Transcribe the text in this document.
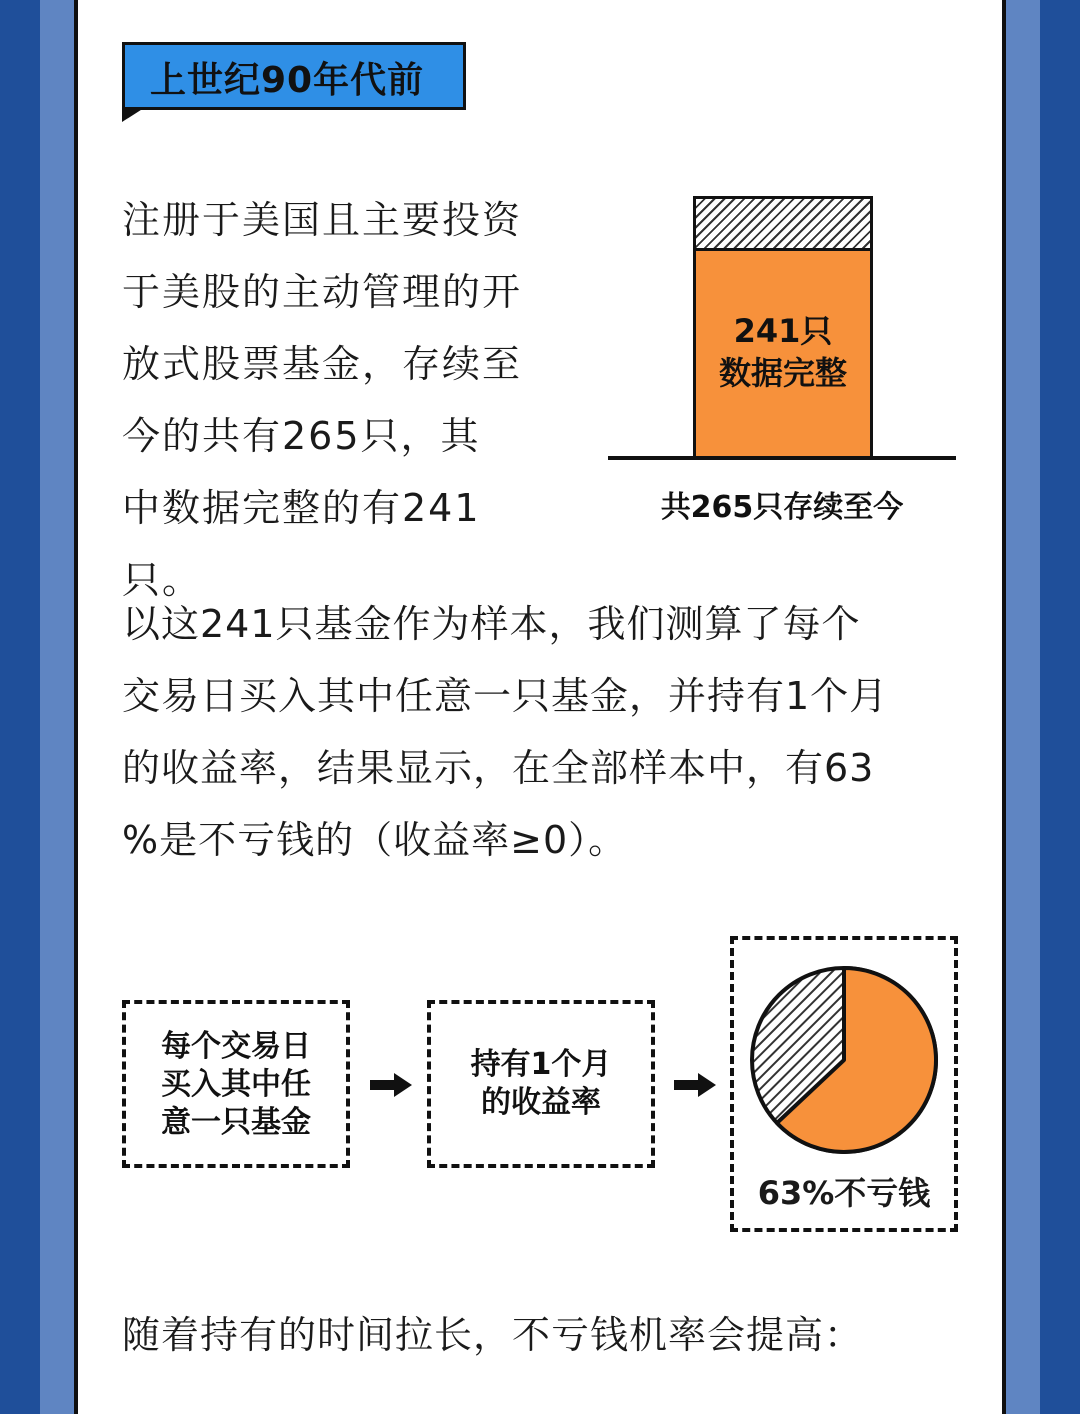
上世纪90年代前

注册于美国且主要投资
于美股的主动管理的开
放式股票基金，存续至
今的共有265只，其
中数据完整的有241
只。

241只
数据完整
共265只存续至今

以这241只基金作为样本，我们测算了每个
交易日买入其中任意一只基金，并持有1个月
的收益率，结果显示，在全部样本中，有63
%是不亏钱的（收益率≥0）。

每个交易日
买入其中任
意一只基金
持有1个月
的收益率
63%不亏钱

随着持有的时间拉长，不亏钱机率会提高：
